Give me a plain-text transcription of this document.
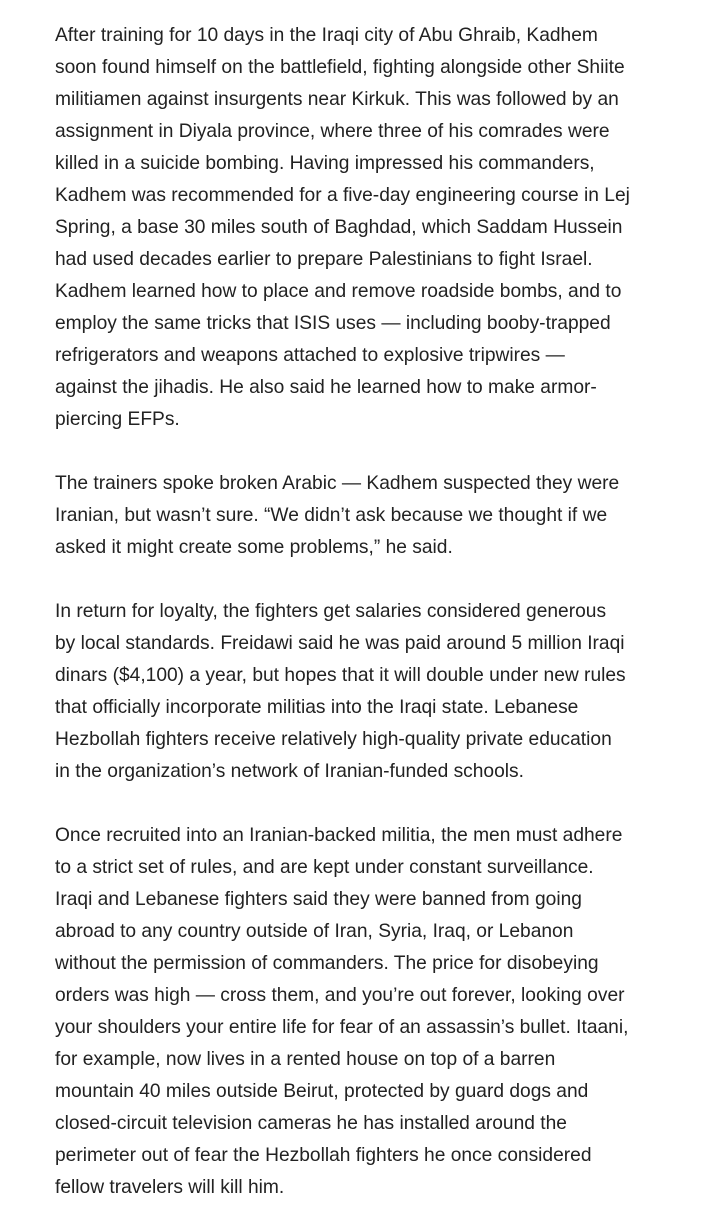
After training for 10 days in the Iraqi city of Abu Ghraib, Kadhem
soon found himself on the battlefield, fighting alongside other Shiite
militiamen against insurgents near Kirkuk. This was followed by an
assignment in Diyala province, where three of his comrades were
killed in a suicide bombing. Having impressed his commanders,
Kadhem was recommended for a five-day engineering course in Lej
Spring, a base 30 miles south of Baghdad, which Saddam Hussein
had used decades earlier to prepare Palestinians to fight Israel.
Kadhem learned how to place and remove roadside bombs, and to
employ the same tricks that ISIS uses — including booby-trapped
refrigerators and weapons attached to explosive tripwires —
against the jihadis. He also said he learned how to make armor-
piercing EFPs.

The trainers spoke broken Arabic — Kadhem suspected they were
Iranian, but wasn’t sure. “We didn’t ask because we thought if we
asked it might create some problems,” he said.

In return for loyalty, the fighters get salaries considered generous
by local standards. Freidawi said he was paid around 5 million Iraqi
dinars ($4,100) a year, but hopes that it will double under new rules
that officially incorporate militias into the Iraqi state. Lebanese
Hezbollah fighters receive relatively high-quality private education
in the organization’s network of Iranian-funded schools.

Once recruited into an Iranian-backed militia, the men must adhere
to a strict set of rules, and are kept under constant surveillance.
Iraqi and Lebanese fighters said they were banned from going
abroad to any country outside of Iran, Syria, Iraq, or Lebanon
without the permission of commanders. The price for disobeying
orders was high — cross them, and you’re out forever, looking over
your shoulders your entire life for fear of an assassin’s bullet. Itaani,
for example, now lives in a rented house on top of a barren
mountain 40 miles outside Beirut, protected by guard dogs and
closed-circuit television cameras he has installed around the
perimeter out of fear the Hezbollah fighters he once considered
fellow travelers will kill him.
